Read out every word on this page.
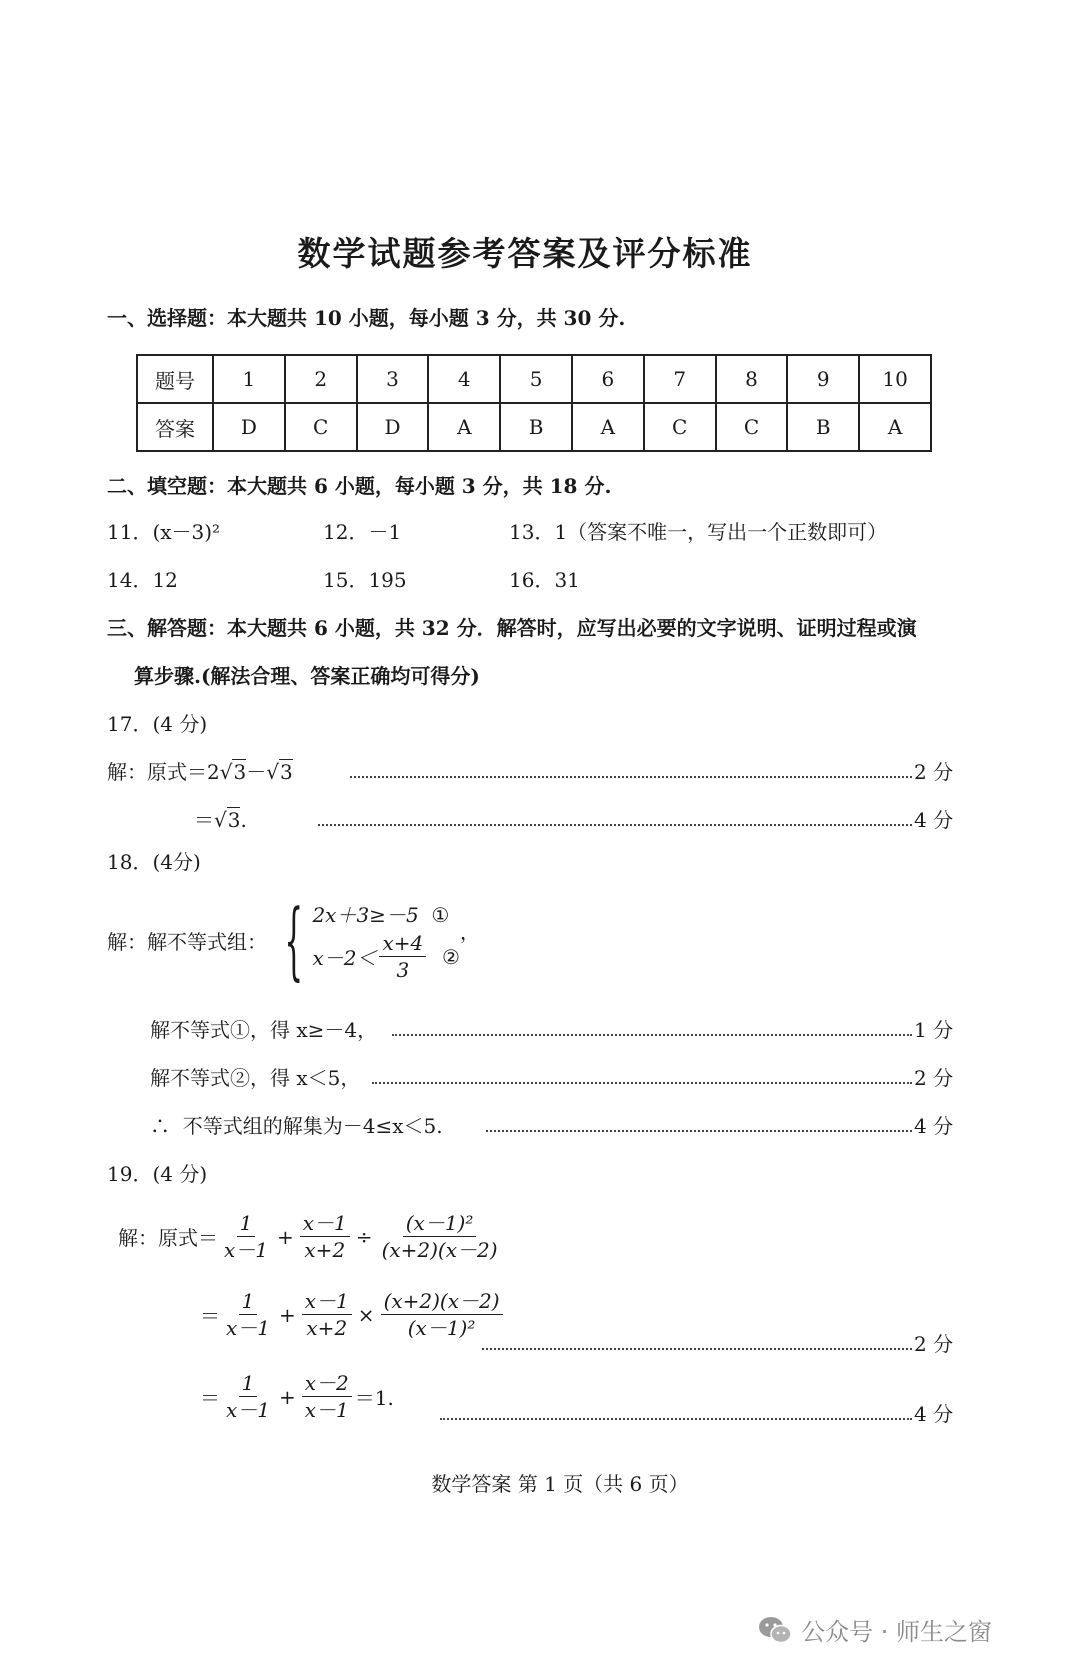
数学试题参考答案及评分标准
一、选择题：本大题共 10 小题，每小题 3 分，共 30 分.
题号	1	2	3	4	5	6	7	8	9	10
答案	D	C	D	A	B	A	C	C	B	A
二、填空题：本大题共 6 小题，每小题 3 分，共 18 分.
11．(x－3)²	12．－1	13．1（答案不唯一，写出一个正数即可）
14．12	15．195	16．31
三、解答题：本大题共 6 小题，共 32 分．解答时，应写出必要的文字说明、证明过程或演
算步骤.(解法合理、答案正确均可得分)
17．(4 分)
解：原式＝2√3－√3	2 分
＝√3.	4 分
18．(4分)
解：解不等式组： { 2x＋3≥－5 ①
$x-2< \frac{x+4}{3}$
②
，
解不等式①，得 x≥－4，	1 分
解不等式②，得 x＜5，	2 分
∴ 不等式组的解集为－4≤x＜5.	4 分
19．(4 分)
解：原式＝ $\frac{1}{x-1} + \frac{x-1}{x+2} \div \frac{\text{(x－1)²}}{(x+2)(x-2)}$
＝ $\frac{1}{x-1} + \frac{x-1}{x+2} \times \frac{(x+2)(x-2)}{\text{(x－1)²}}$
2 分
＝ $\frac{1}{x-1} + \frac{x-2}{x-1} =1$.
4 分
数学答案 第 1 页（共 6 页）
公众号 · 师生之窗
